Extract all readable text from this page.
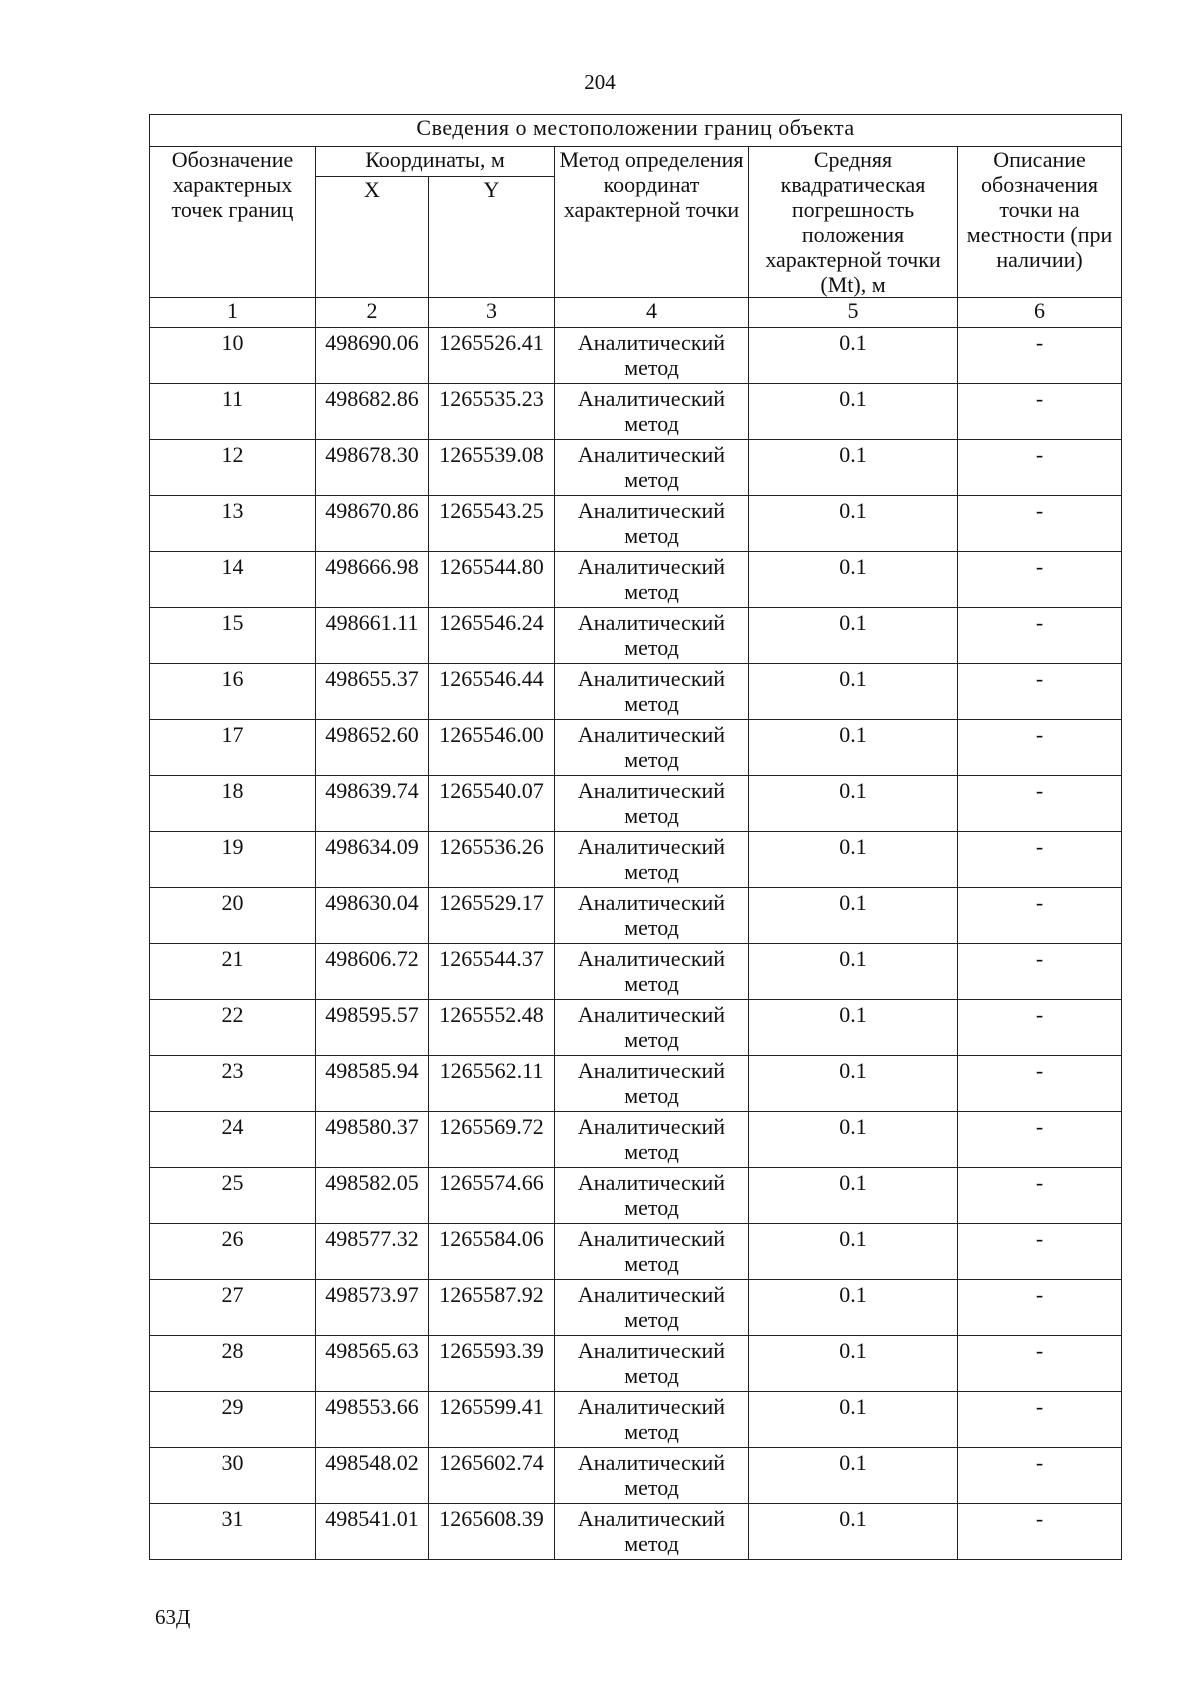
204
Сведения о местоположении границ объекта					
Обозначение характерных точек границ	Координаты, м		Метод определения координат характерной точки	Средняя квадратическая погрешность положения характерной точки (Mt), м	Описание обозначения точки на местности (при наличии)
	X	Y			
1	2	3	4	5	6
10	498690.06	1265526.41	Аналитический метод	0.1	-
11	498682.86	1265535.23	Аналитический метод	0.1	-
12	498678.30	1265539.08	Аналитический метод	0.1	-
13	498670.86	1265543.25	Аналитический метод	0.1	-
14	498666.98	1265544.80	Аналитический метод	0.1	-
15	498661.11	1265546.24	Аналитический метод	0.1	-
16	498655.37	1265546.44	Аналитический метод	0.1	-
17	498652.60	1265546.00	Аналитический метод	0.1	-
18	498639.74	1265540.07	Аналитический метод	0.1	-
19	498634.09	1265536.26	Аналитический метод	0.1	-
20	498630.04	1265529.17	Аналитический метод	0.1	-
21	498606.72	1265544.37	Аналитический метод	0.1	-
22	498595.57	1265552.48	Аналитический метод	0.1	-
23	498585.94	1265562.11	Аналитический метод	0.1	-
24	498580.37	1265569.72	Аналитический метод	0.1	-
25	498582.05	1265574.66	Аналитический метод	0.1	-
26	498577.32	1265584.06	Аналитический метод	0.1	-
27	498573.97	1265587.92	Аналитический метод	0.1	-
28	498565.63	1265593.39	Аналитический метод	0.1	-
29	498553.66	1265599.41	Аналитический метод	0.1	-
30	498548.02	1265602.74	Аналитический метод	0.1	-
31	498541.01	1265608.39	Аналитический метод	0.1	-
63Д
